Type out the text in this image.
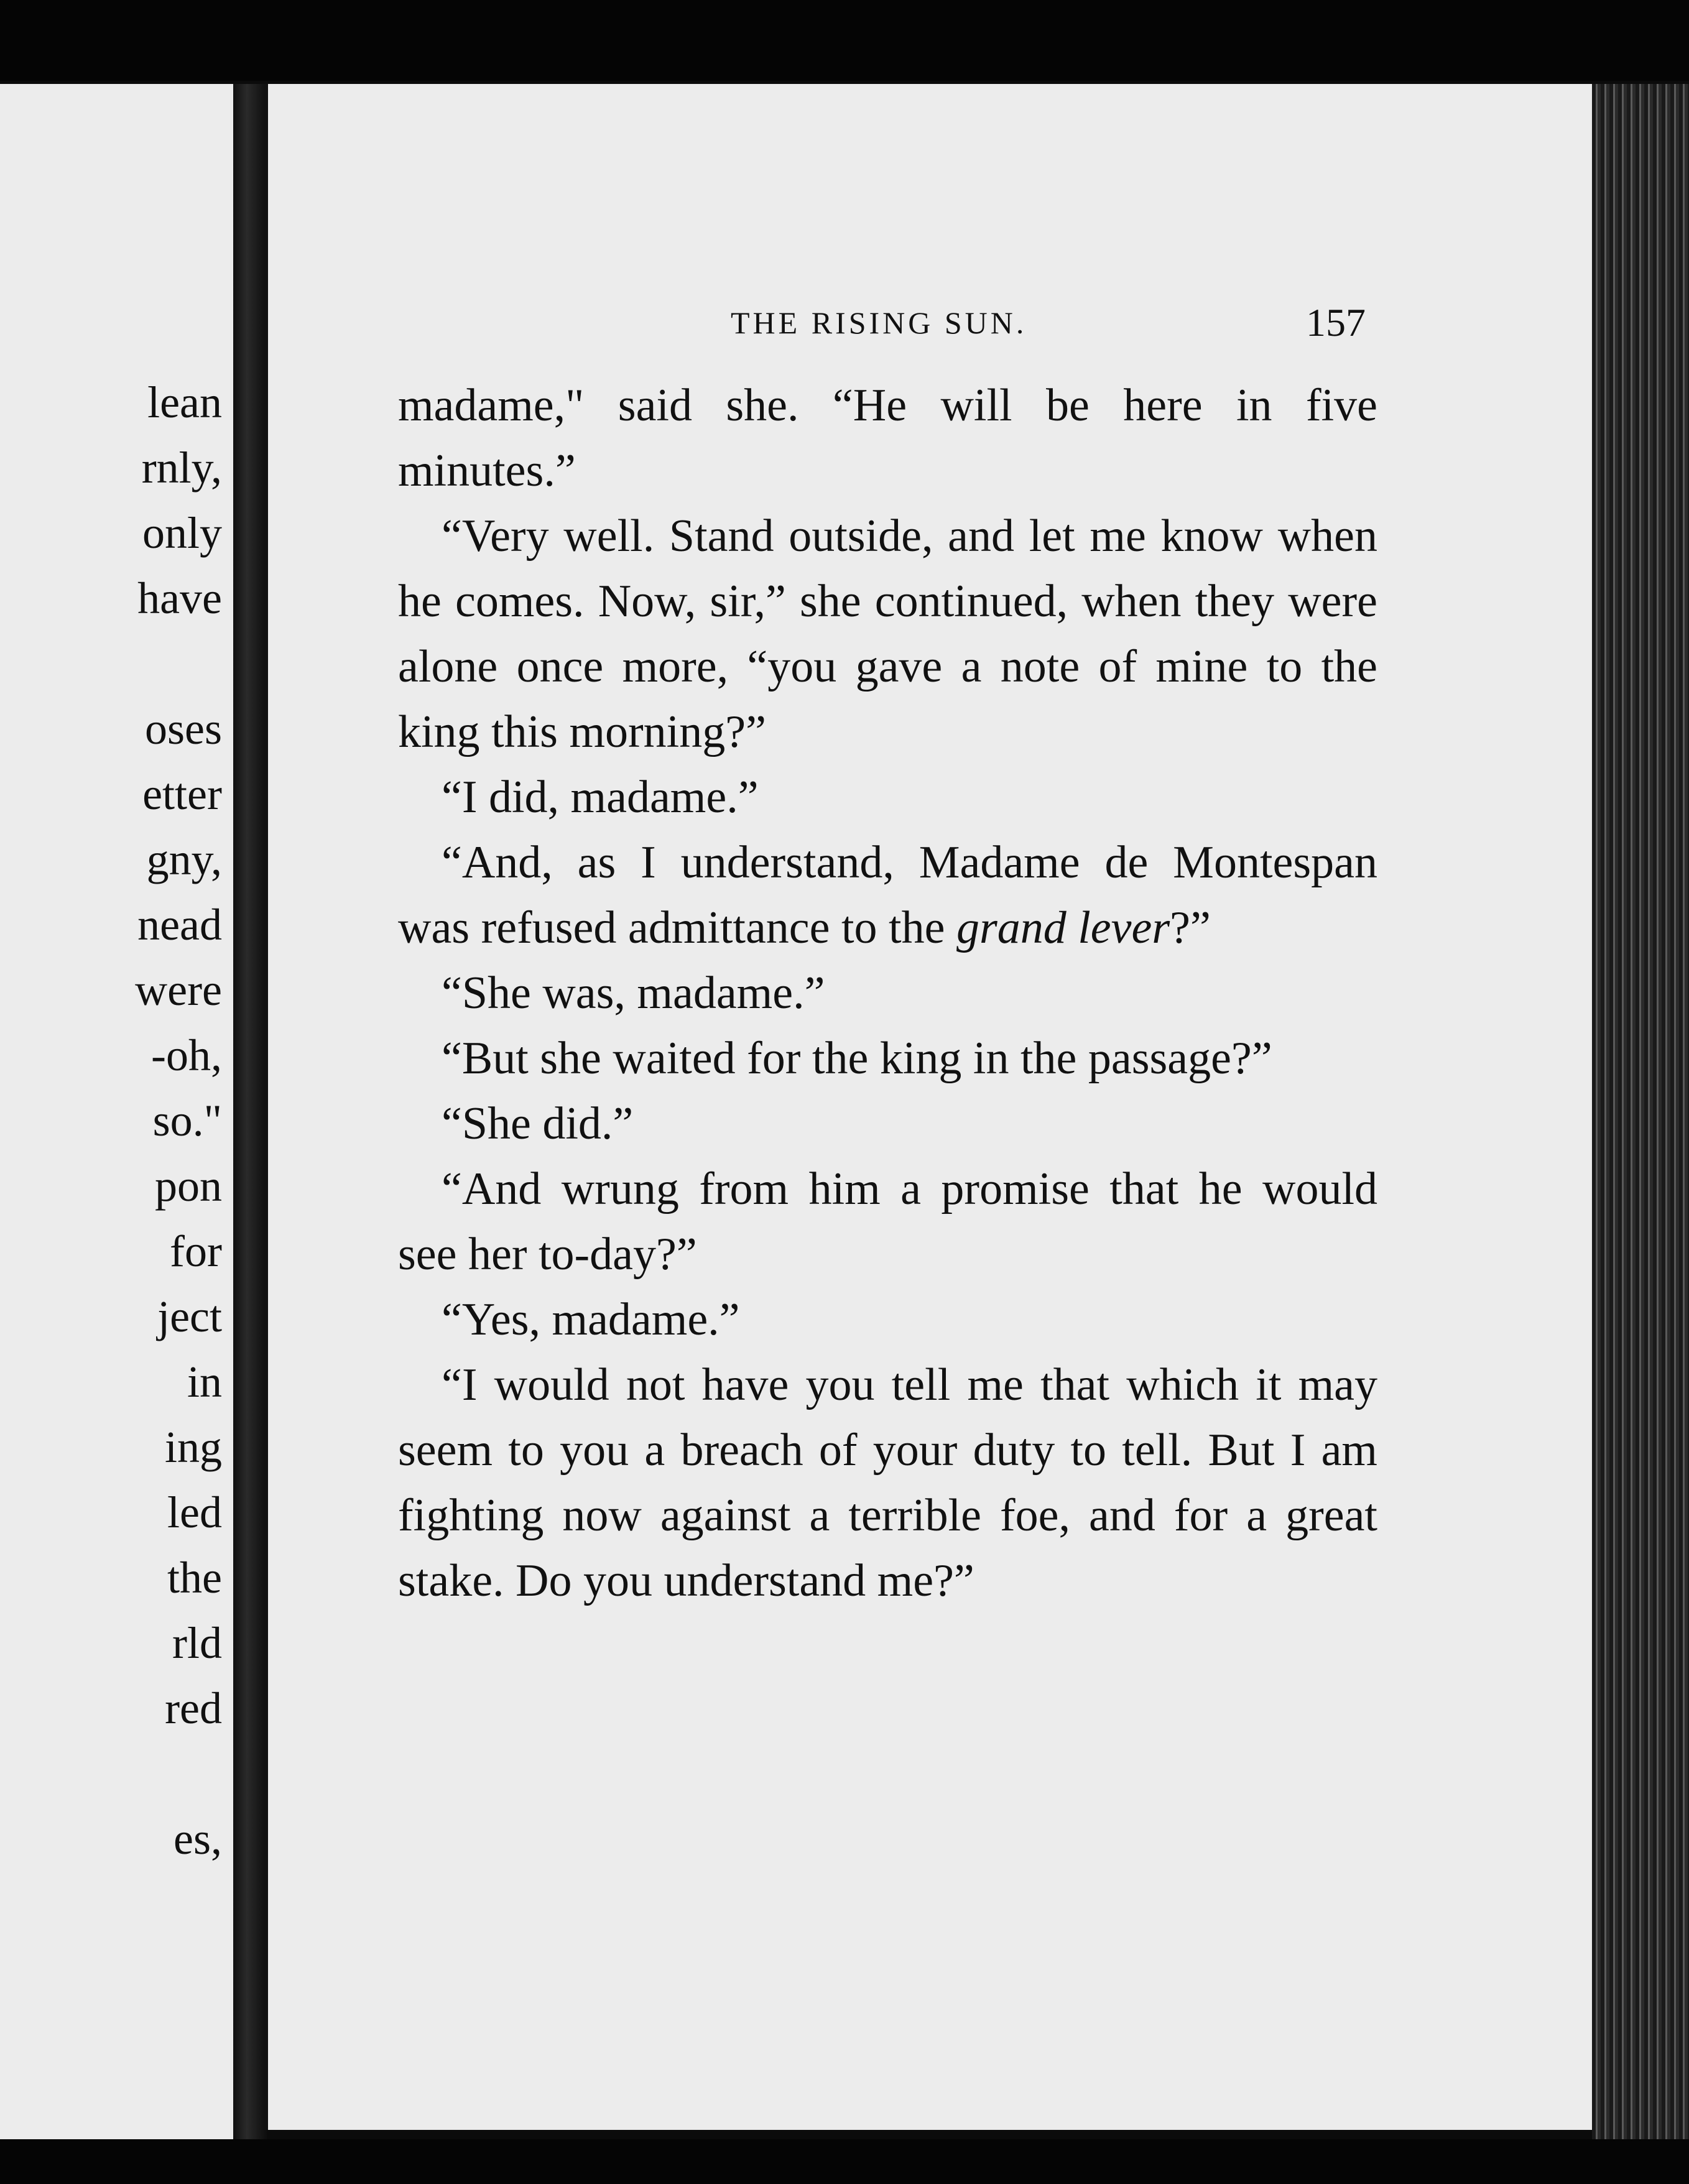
lean
rnly,
only
have
oses
etter
gny,
nead
were
-oh,
so."
pon
for
ject
in
ing
led
the
rld
red
es,
THE RISING SUN.	157

madame," said she. “He will be here in five minutes.”

“Very well. Stand outside, and let me know when he comes. Now, sir,” she continued, when they were alone once more, “you gave a note of mine to the king this morning?”

“I did, madame.”

“And, as I understand, Madame de Montespan was refused admittance to the grand lever?”

“She was, madame.”

“But she waited for the king in the passage?”

“She did.”

“And wrung from him a promise that he would see her to-day?”

“Yes, madame.”

“I would not have you tell me that which it may seem to you a breach of your duty to tell. But I am fighting now against a terrible foe, and for a great stake. Do you understand me?”
